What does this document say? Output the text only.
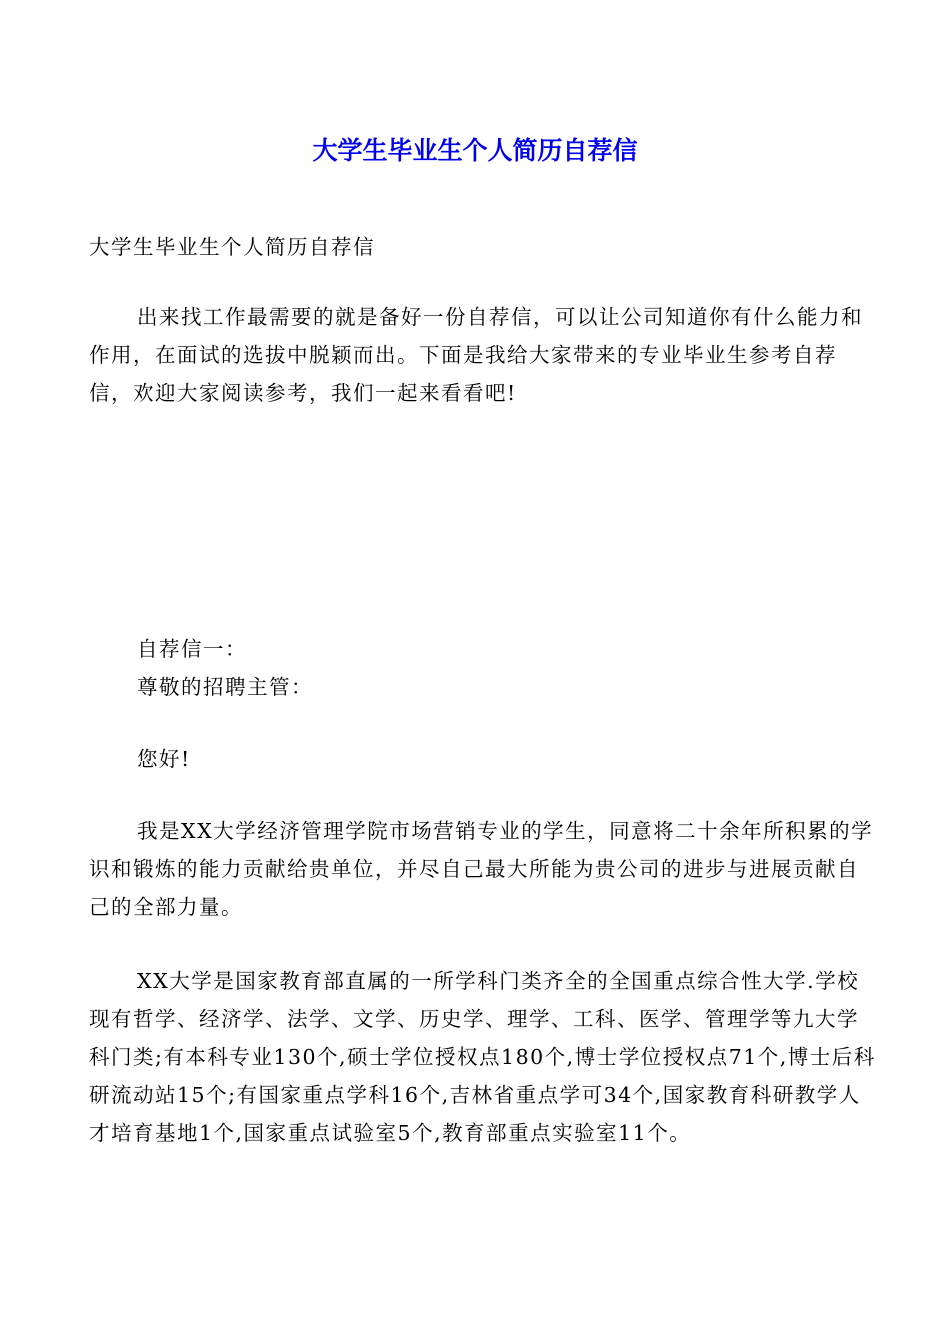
大学生毕业生个人简历自荐信

大学生毕业生个人简历自荐信

出来找工作最需要的就是备好一份自荐信，可以让公司知道你有什么能力和作用，在面试的选拔中脱颖而出。下面是我给大家带来的专业毕业生参考自荐信，欢迎大家阅读参考，我们一起来看看吧!

自荐信一：

尊敬的招聘主管：

您好!

我是XX大学经济管理学院市场营销专业的学生，同意将二十余年所积累的学识和锻炼的能力贡献给贵单位，并尽自己最大所能为贵公司的进步与进展贡献自己的全部力量。

XX大学是国家教育部直属的一所学科门类齐全的全国重点综合性大学.学校现有哲学、经济学、法学、文学、历史学、理学、工科、医学、管理学等九大学科门类;有本科专业130个,硕士学位授权点180个,博士学位授权点71个,博士后科研流动站15个;有国家重点学科16个,吉林省重点学可34个,国家教育科研教学人才培育基地1个,国家重点试验室5个,教育部重点实验室11个。
